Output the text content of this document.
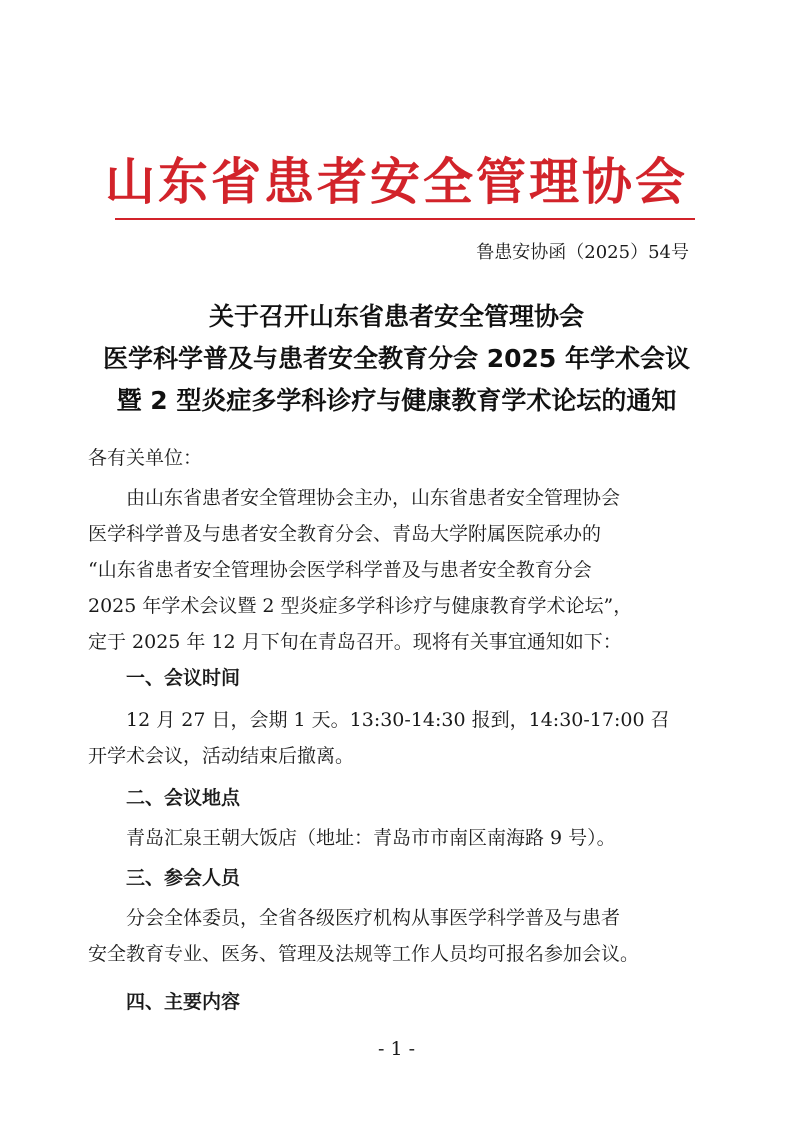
山东省患者安全管理协会
鲁患安协函（2025）54号
关于召开山东省患者安全管理协会
医学科学普及与患者安全教育分会 2025 年学术会议
暨 2 型炎症多学科诊疗与健康教育学术论坛的通知
各有关单位：
由山东省患者安全管理协会主办，山东省患者安全管理协会
医学科学普及与患者安全教育分会、青岛大学附属医院承办的
“山东省患者安全管理协会医学科学普及与患者安全教育分会
2025 年学术会议暨 2 型炎症多学科诊疗与健康教育学术论坛”，
定于 2025 年 12 月下旬在青岛召开。现将有关事宜通知如下：
一、会议时间
12 月 27 日，会期 1 天。13:30-14:30 报到，14:30-17:00 召
开学术会议，活动结束后撤离。
二、会议地点
青岛汇泉王朝大饭店（地址：青岛市市南区南海路 9 号）。
三、参会人员
分会全体委员，全省各级医疗机构从事医学科学普及与患者
安全教育专业、医务、管理及法规等工作人员均可报名参加会议。
四、主要内容
- 1 -
